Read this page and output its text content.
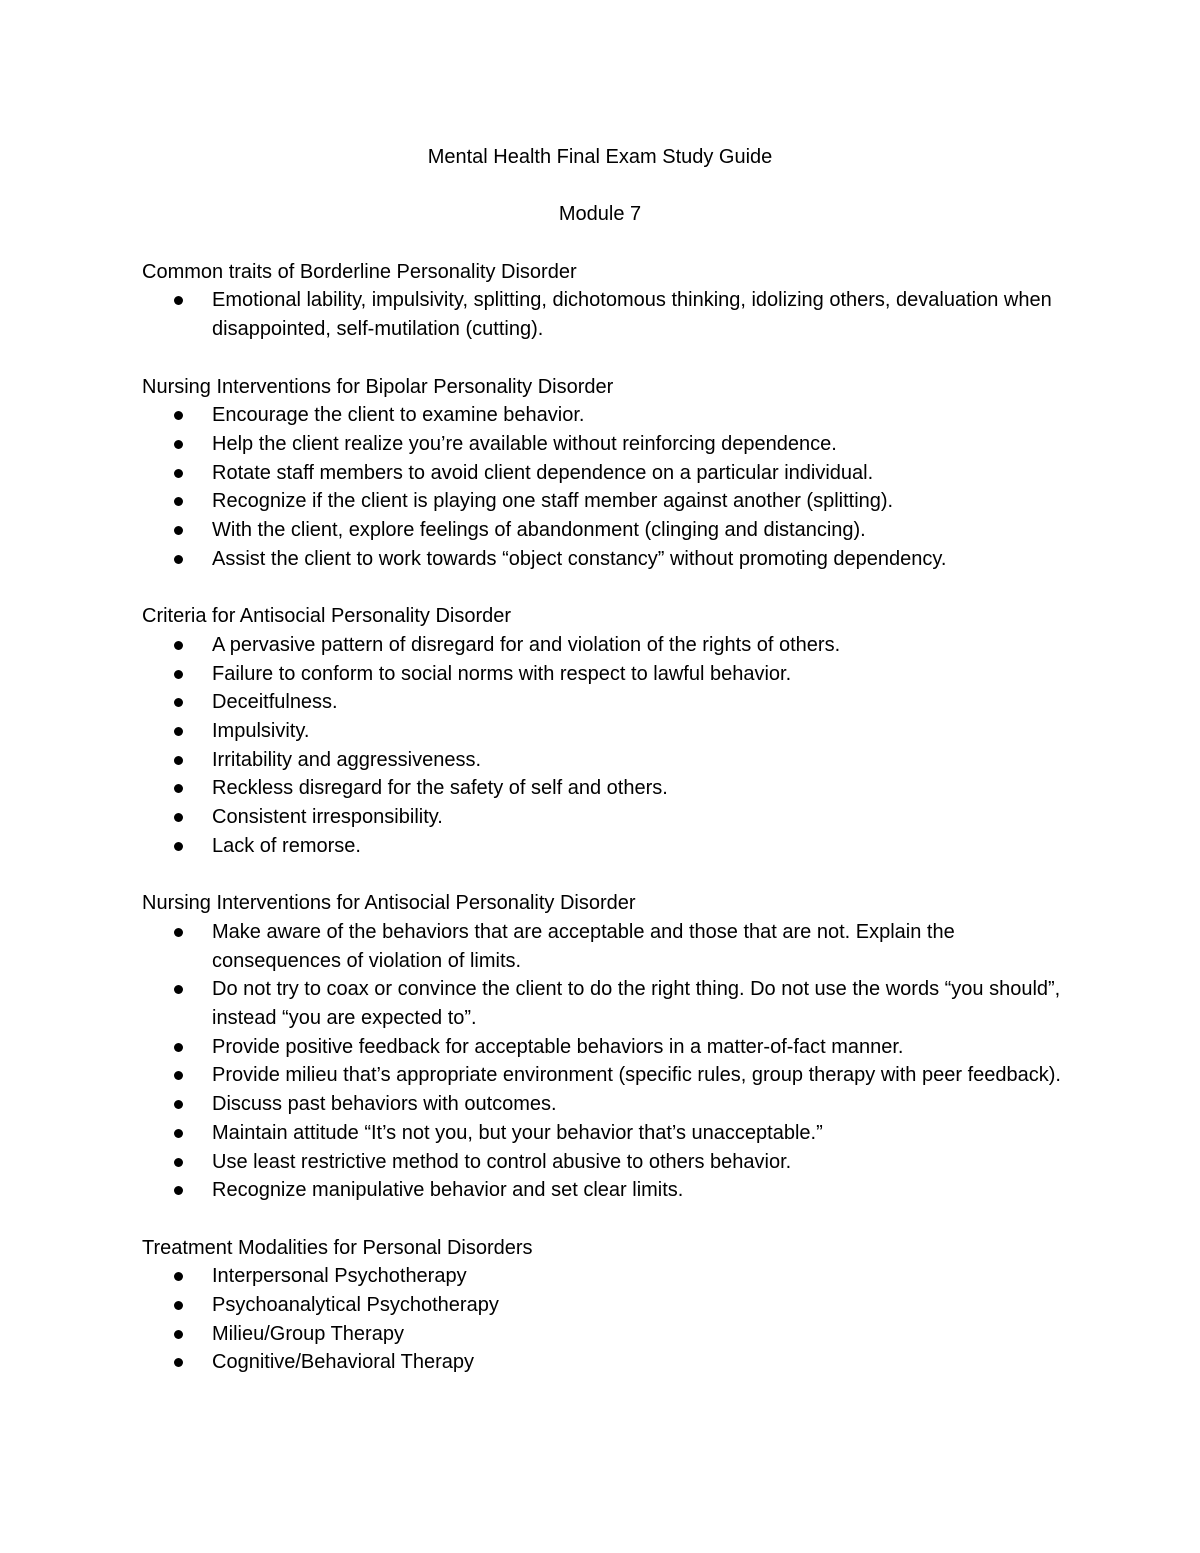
Mental Health Final Exam Study Guide

Module 7

Common traits of Borderline Personality Disorder

Emotional lability, impulsivity, splitting, dichotomous thinking, idolizing others, devaluation when disappointed, self-mutilation (cutting).

Nursing Interventions for Bipolar Personality Disorder

Encourage the client to examine behavior.
Help the client realize you’re available without reinforcing dependence.
Rotate staff members to avoid client dependence on a particular individual.
Recognize if the client is playing one staff member against another (splitting).
With the client, explore feelings of abandonment (clinging and distancing).
Assist the client to work towards “object constancy” without promoting dependency.

Criteria for Antisocial Personality Disorder

A pervasive pattern of disregard for and violation of the rights of others.
Failure to conform to social norms with respect to lawful behavior.
Deceitfulness.
Impulsivity.
Irritability and aggressiveness.
Reckless disregard for the safety of self and others.
Consistent irresponsibility.
Lack of remorse.

Nursing Interventions for Antisocial Personality Disorder

Make aware of the behaviors that are acceptable and those that are not. Explain the consequences of violation of limits.
Do not try to coax or convince the client to do the right thing. Do not use the words “you should”, instead “you are expected to”.
Provide positive feedback for acceptable behaviors in a matter-of-fact manner.
Provide milieu that’s appropriate environment (specific rules, group therapy with peer feedback).
Discuss past behaviors with outcomes.
Maintain attitude “It’s not you, but your behavior that’s unacceptable.”
Use least restrictive method to control abusive to others behavior.
Recognize manipulative behavior and set clear limits.

Treatment Modalities for Personal Disorders

Interpersonal Psychotherapy
Psychoanalytical Psychotherapy
Milieu/Group Therapy
Cognitive/Behavioral Therapy
